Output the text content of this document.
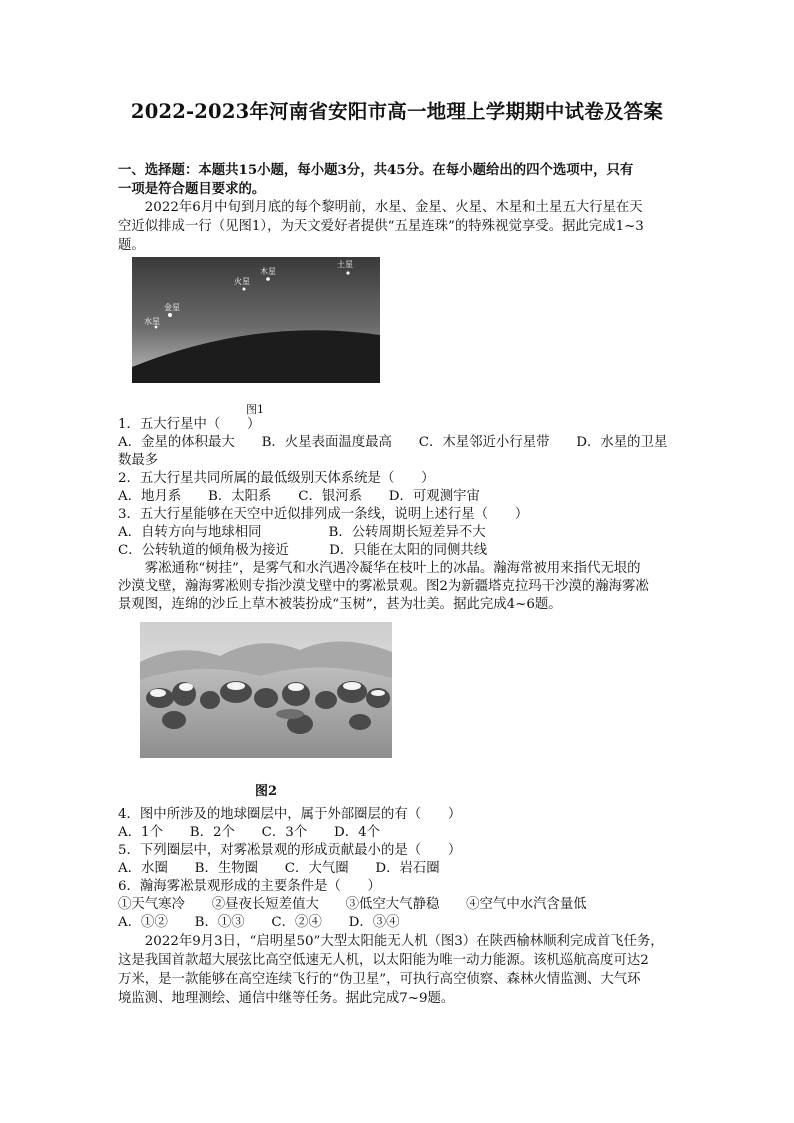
2022-2023年河南省安阳市高一地理上学期期中试卷及答案
一、选择题：本题共15小题，每小题3分，共45分。在每小题给出的四个选项中，只有
一项是符合题目要求的。
　　2022年6月中旬到月底的每个黎明前，水星、金星、火星、木星和土星五大行星在天
空近似排成一行（见图1），为天文爱好者提供“五星连珠”的特殊视觉享受。据此完成1~3
题。
土星
木星
火星
金星
水星
图1
1．五大行星中（　　）
A．金星的体积最大　　B．火星表面温度最高　　C．木星邻近小行星带　　D．水星的卫星
数最多
2．五大行星共同所属的最低级别天体系统是（　　）
A．地月系　　B．太阳系　　C．银河系　　D．可观测宇宙
3．五大行星能够在天空中近似排列成一条线，说明上述行星（　　）
A．自转方向与地球相同　　　　　B．公转周期长短差异不大
C．公转轨道的倾角极为接近　　　D．只能在太阳的同侧共线
　　雾凇通称“树挂”，是雾气和水汽遇冷凝华在枝叶上的冰晶。瀚海常被用来指代无垠的
沙漠戈壁，瀚海雾凇则专指沙漠戈壁中的雾凇景观。图2为新疆塔克拉玛干沙漠的瀚海雾凇
景观图，连绵的沙丘上草木被装扮成“玉树”，甚为壮美。据此完成4~6题。
图2
4．图中所涉及的地球圈层中，属于外部圈层的有（　　）
A．1个　　B．2个　　C．3个　　D．4个
5．下列圈层中，对雾凇景观的形成贡献最小的是（　　）
A．水圈　　B．生物圈　　C．大气圈　　D．岩石圈
6．瀚海雾凇景观形成的主要条件是（　　）
①天气寒冷　　②昼夜长短差值大　　③低空大气静稳　　④空气中水汽含量低
A．①②　　B．①③　　C．②④　　D．③④
　　2022年9月3日，“启明星50”大型太阳能无人机（图3）在陕西榆林顺利完成首飞任务，
这是我国首款超大展弦比高空低速无人机，以太阳能为唯一动力能源。该机巡航高度可达2
万米，是一款能够在高空连续飞行的“伪卫星”，可执行高空侦察、森林火情监测、大气环
境监测、地理测绘、通信中继等任务。据此完成7~9题。
